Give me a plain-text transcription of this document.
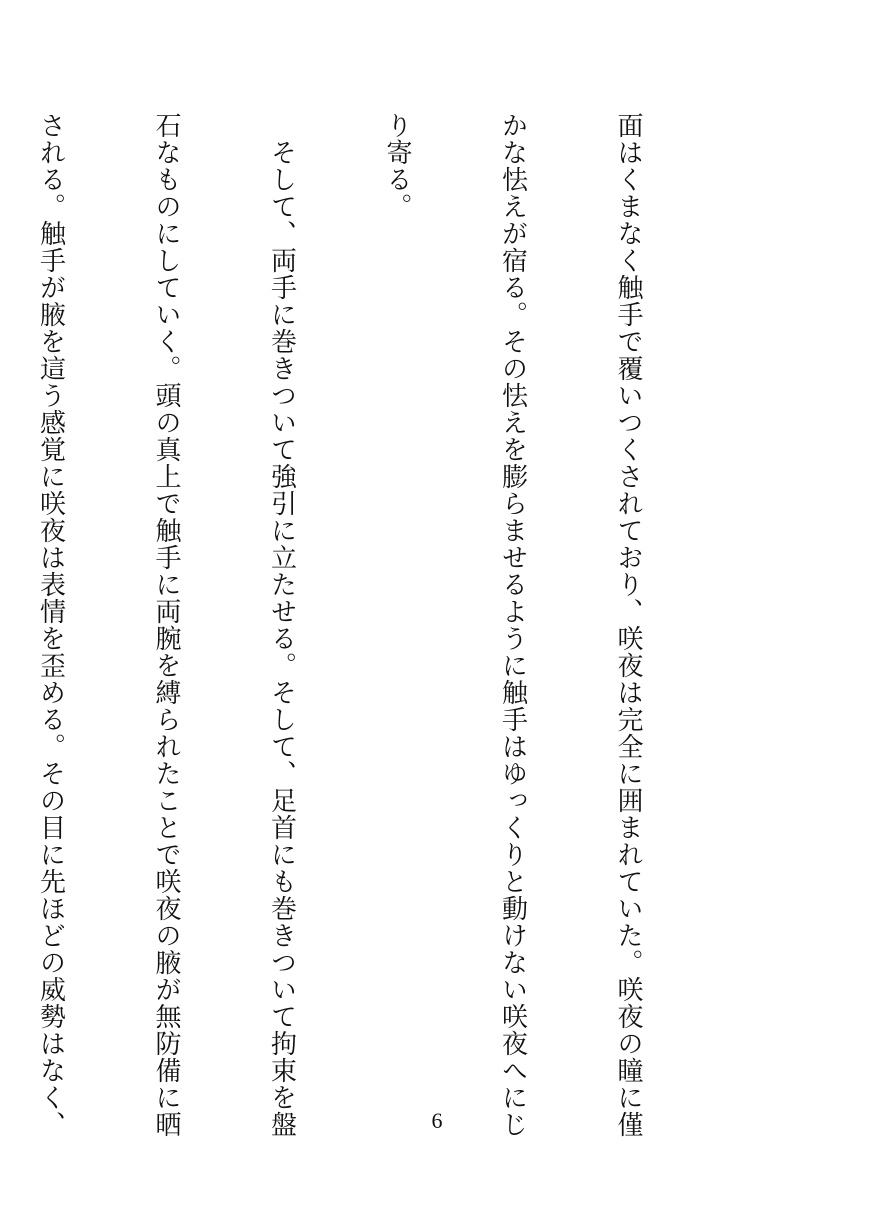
面はくまなく触手で覆いつくされており、咲夜は完全に囲まれていた。咲夜の瞳に僅

かな怯えが宿る。その怯えを膨らませるように触手はゆっくりと動けない咲夜へにじ

り寄る。

　そして、両手に巻きついて強引に立たせる。そして、足首にも巻きついて拘束を盤

石なものにしていく。頭の真上で触手に両腕を縛られたことで咲夜の腋が無防備に晒

される。触手が腋を這う感覚に咲夜は表情を歪める。その目に先ほどの威勢はなく、

	6
